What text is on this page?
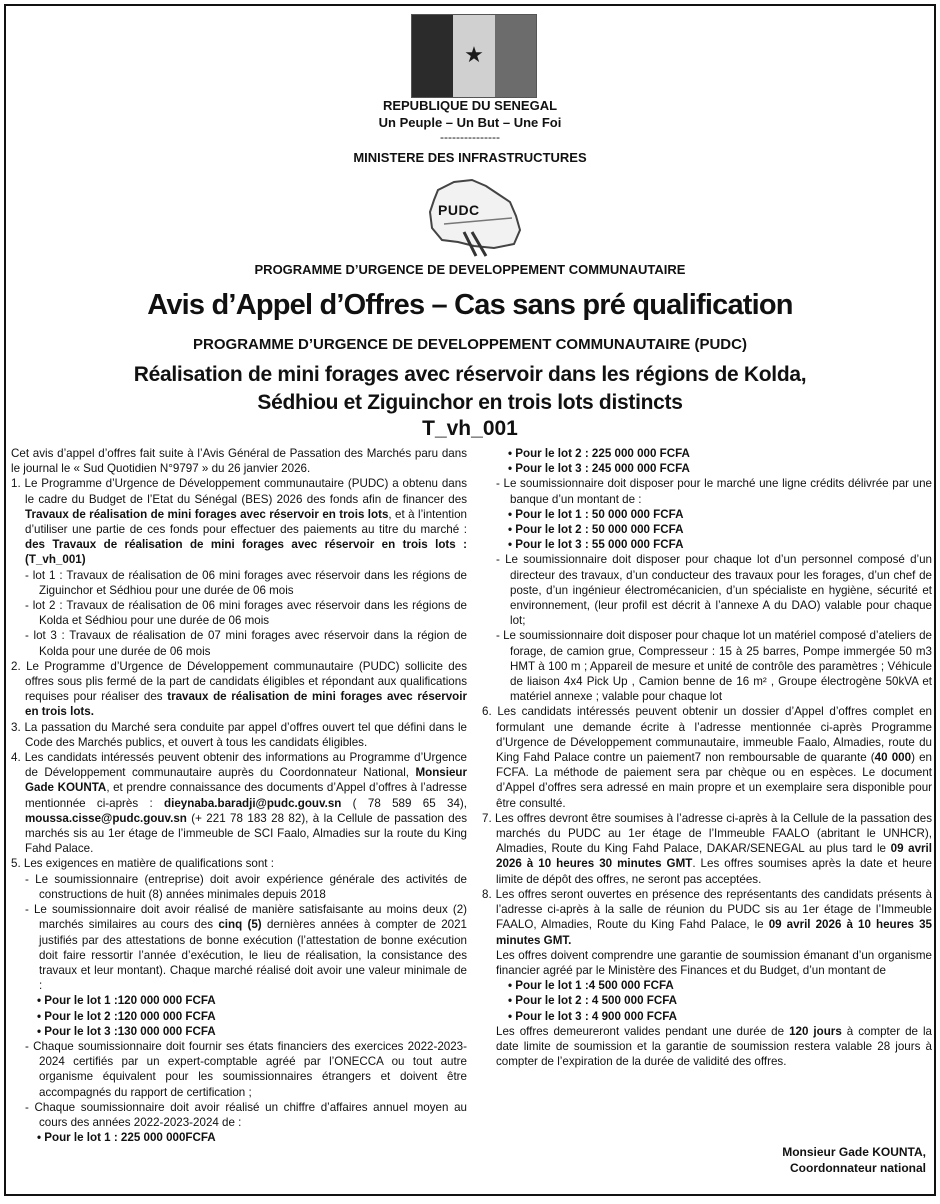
★
REPUBLIQUE DU SENEGAL
Un Peuple – Un But – Une Foi
---------------
MINISTERE DES INFRASTRUCTURES
PUDC
PROGRAMME D’URGENCE DE DEVELOPPEMENT COMMUNAUTAIRE
Avis d’Appel d’Offres – Cas sans pré qualification
PROGRAMME D’URGENCE DE DEVELOPPEMENT COMMUNAUTAIRE (PUDC)
Réalisation de mini forages avec réservoir dans les régions de Kolda,
Sédhiou et Ziguinchor en trois lots distincts
T_vh_001

Cet avis d’appel d’offres fait suite à l’Avis Général de Passation des Marchés paru dans le journal le « Sud Quotidien N°9797 » du 26 janvier 2026.

1. Le Programme d’Urgence de Développement communautaire (PUDC) a obtenu dans le cadre du Budget de l’Etat du Sénégal (BES) 2026 des fonds afin de financer des Travaux de réalisation de mini forages avec réservoir en trois lots, et à l’intention d’utiliser une partie de ces fonds pour effectuer des paiements au titre du marché : des Travaux de réalisation de mini forages avec réservoir en trois lots : (T_vh_001)

- lot 1 : Travaux de réalisation de 06 mini forages avec réservoir dans les régions de Ziguinchor et Sédhiou pour une durée de 06 mois

- lot 2 : Travaux de réalisation de 06 mini forages avec réservoir dans les régions de Kolda et Sédhiou pour une durée de 06 mois

- lot 3 : Travaux de réalisation de 07 mini forages avec réservoir dans la région de Kolda pour une durée de 06 mois

2. Le Programme d’Urgence de Développement communautaire (PUDC) sollicite des offres sous plis fermé de la part de candidats éligibles et répondant aux qualifications requises pour réaliser des travaux de réalisation de mini forages avec réservoir en trois lots.

3. La passation du Marché sera conduite par appel d’offres ouvert tel que défini dans le Code des Marchés publics, et ouvert à tous les candidats éligibles.

4. Les candidats intéressés peuvent obtenir des informations au Programme d’Urgence de Développement communautaire auprès du Coordonnateur National, Monsieur Gade KOUNTA, et prendre connaissance des documents d’Appel d’offres à l’adresse mentionnée ci-après : dieynaba.baradji@pudc.gouv.sn ( 78 589 65 34), moussa.cisse@pudc.gouv.sn (+ 221 78 183 28 82), à la Cellule de passation des marchés sis au 1er étage de l’immeuble de SCI Faalo, Almadies sur la route du King Fahd Palace.

5. Les exigences en matière de qualifications sont :

- Le soumissionnaire (entreprise) doit avoir expérience générale des activités de constructions de huit (8) années minimales depuis 2018

- Le soumissionnaire doit avoir réalisé de manière satisfaisante au moins deux (2) marchés similaires au cours des cinq (5) dernières années à compter de 2021 justifiés par des attestations de bonne exécution (l’attestation de bonne exécution doit faire ressortir l’année d’exécution, le lieu de réalisation, la consistance des travaux et leur montant). Chaque marché réalisé doit avoir une valeur minimale de :

• Pour le lot 1 :120 000 000 FCFA

• Pour le lot 2 :120 000 000 FCFA

• Pour le lot 3 :130 000 000 FCFA

- Chaque soumissionnaire doit fournir ses états financiers des exercices 2022-2023-2024 certifiés par un expert-comptable agréé par l’ONECCA ou tout autre organisme équivalent pour les soumissionnaires étrangers et doivent être accompagnés du rapport de certification ;

- Chaque soumissionnaire doit avoir réalisé un chiffre d’affaires annuel moyen au cours des années 2022-2023-2024 de :

• Pour le lot 1 : 225 000 000FCFA

• Pour le lot 2 : 225 000 000 FCFA

• Pour le lot 3 : 245 000 000 FCFA

- Le soumissionnaire doit disposer pour le marché une ligne crédits délivrée par une banque d’un montant de :

• Pour le lot 1 : 50 000 000 FCFA

• Pour le lot 2 : 50 000 000 FCFA

• Pour le lot 3 : 55 000 000 FCFA

- Le soumissionnaire doit disposer pour chaque lot d’un personnel composé d’un directeur des travaux, d’un conducteur des travaux pour les forages, d’un chef de poste, d’un ingénieur électromécanicien, d’un spécialiste en hygiène, sécurité et environnement, (leur profil est décrit à l’annexe A du DAO) valable pour chaque lot;

- Le soumissionnaire doit disposer pour chaque lot un matériel composé d’ateliers de forage, de camion grue, Compresseur : 15 à 25 barres, Pompe immergée 50 m3 HMT à 100 m ; Appareil de mesure et unité de contrôle des paramètres ; Véhicule de liaison 4x4 Pick Up , Camion benne de 16 m² , Groupe électrogène 50kVA et matériel annexe ; valable pour chaque lot

6. Les candidats intéressés peuvent obtenir un dossier d’Appel d’offres complet en formulant une demande écrite à l’adresse mentionnée ci-après Programme d’Urgence de Développement communautaire, immeuble Faalo, Almadies, route du King Fahd Palace contre un paiement7 non remboursable de quarante (40 000) en FCFA. La méthode de paiement sera par chèque ou en espèces. Le document d’Appel d’offres sera adressé en main propre et un exemplaire sera disponible pour être consulté.

7. Les offres devront être soumises à l’adresse ci-après à la Cellule de la passation des marchés du PUDC au 1er étage de l’Immeuble FAALO (abritant le UNHCR), Almadies, Route du King Fahd Palace, DAKAR/SENEGAL au plus tard le 09 avril 2026 à 10 heures 30 minutes GMT. Les offres soumises après la date et heure limite de dépôt des offres, ne seront pas acceptées.

8. Les offres seront ouvertes en présence des représentants des candidats présents à l’adresse ci-après à la salle de réunion du PUDC sis au 1er étage de l’Immeuble FAALO, Almadies, Route du King Fahd Palace, le 09 avril 2026 à 10 heures 35 minutes GMT.

Les offres doivent comprendre une garantie de soumission émanant d’un organisme financier agréé par le Ministère des Finances et du Budget, d’un montant de

• Pour le lot 1 :4 500 000 FCFA

• Pour le lot 2 : 4 500 000 FCFA

• Pour le lot 3 : 4 900 000 FCFA

Les offres demeureront valides pendant une durée de 120 jours à compter de la date limite de soumission et la garantie de soumission restera valable 28 jours à compter de l’expiration de la durée de validité des offres.

Monsieur Gade KOUNTA,
Coordonnateur national
